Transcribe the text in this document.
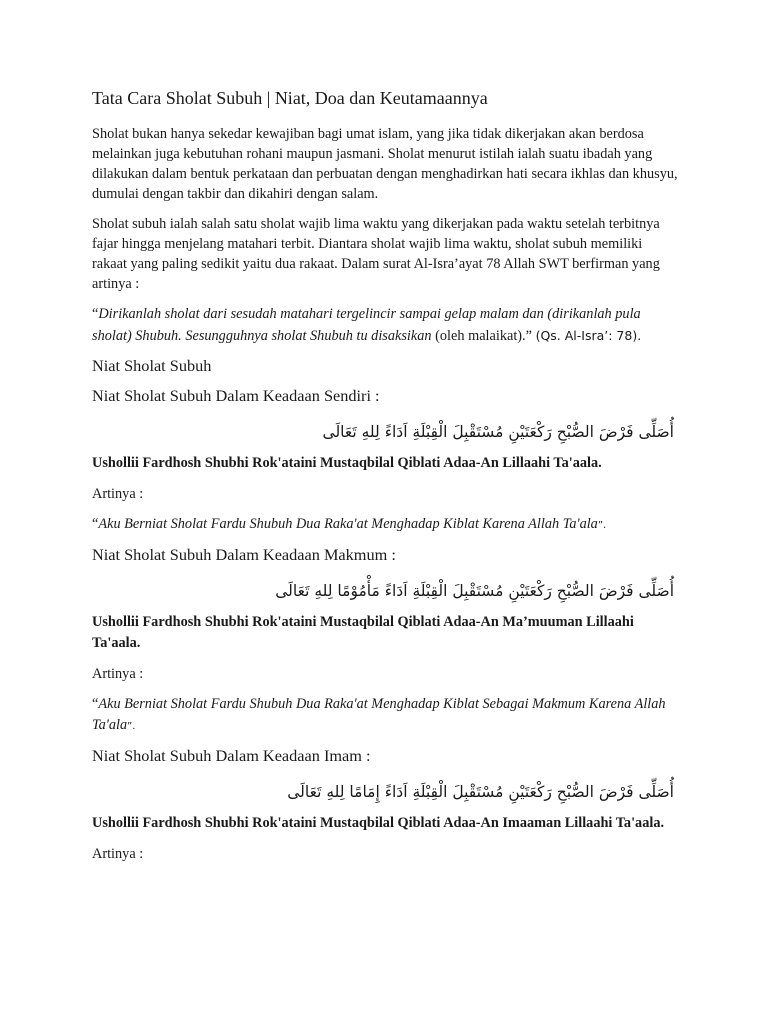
Tata Cara Sholat Subuh | Niat, Doa dan Keutamaannya

Sholat bukan hanya sekedar kewajiban bagi umat islam, yang jika tidak dikerjakan akan berdosa melainkan juga kebutuhan rohani maupun jasmani. Sholat menurut istilah ialah suatu ibadah yang dilakukan dalam bentuk perkataan dan perbuatan dengan menghadirkan hati secara ikhlas dan khusyu, dumulai dengan takbir dan dikahiri dengan salam.

Sholat subuh ialah salah satu sholat wajib lima waktu yang dikerjakan pada waktu setelah terbitnya fajar hingga menjelang matahari terbit. Diantara sholat wajib lima waktu, sholat subuh memiliki rakaat yang paling sedikit yaitu dua rakaat. Dalam surat Al-Isra’ayat 78 Allah SWT berfirman yang artinya :

“Dirikanlah sholat dari sesudah matahari tergelincir sampai gelap malam dan (dirikanlah pula sholat) Shubuh. Sesungguhnya sholat Shubuh tu disaksikan (oleh malaikat).” (Qs. Al-Isra’: 78).

Niat Sholat Subuh
Niat Sholat Subuh Dalam Keadaan Sendiri :
أُصَلِّى فَرْضَ الصُّبْحِ رَكْعَتَيْنِ مُسْتَقْبِلَ الْقِبْلَةِ اَدَاءً لِلهِ تَعَالَى

Ushollii Fardhosh Shubhi Rok'ataini Mustaqbilal Qiblati Adaa-An Lillaahi Ta'aala.

Artinya :

“Aku Berniat Sholat Fardu Shubuh Dua Raka'at Menghadap Kiblat Karena Allah Ta'ala”.

Niat Sholat Subuh Dalam Keadaan Makmum :
أُصَلِّى فَرْضَ الصُّبْحِ رَكْعَتَيْنِ مُسْتَقْبِلَ الْقِبْلَةِ اَدَاءً مَأْمُوْمًا لِلهِ تَعَالَى

Ushollii Fardhosh Shubhi Rok'ataini Mustaqbilal Qiblati Adaa-An Ma’muuman Lillaahi Ta'aala.

Artinya :

“Aku Berniat Sholat Fardu Shubuh Dua Raka'at Menghadap Kiblat Sebagai Makmum Karena Allah Ta'ala”.

Niat Sholat Subuh Dalam Keadaan Imam :
أُصَلِّى فَرْضَ الصُّبْحِ رَكْعَتَيْنِ مُسْتَقْبِلَ الْقِبْلَةِ اَدَاءً إِمَامًا لِلهِ تَعَالَى

Ushollii Fardhosh Shubhi Rok'ataini Mustaqbilal Qiblati Adaa-An Imaaman Lillaahi Ta'aala.

Artinya :
